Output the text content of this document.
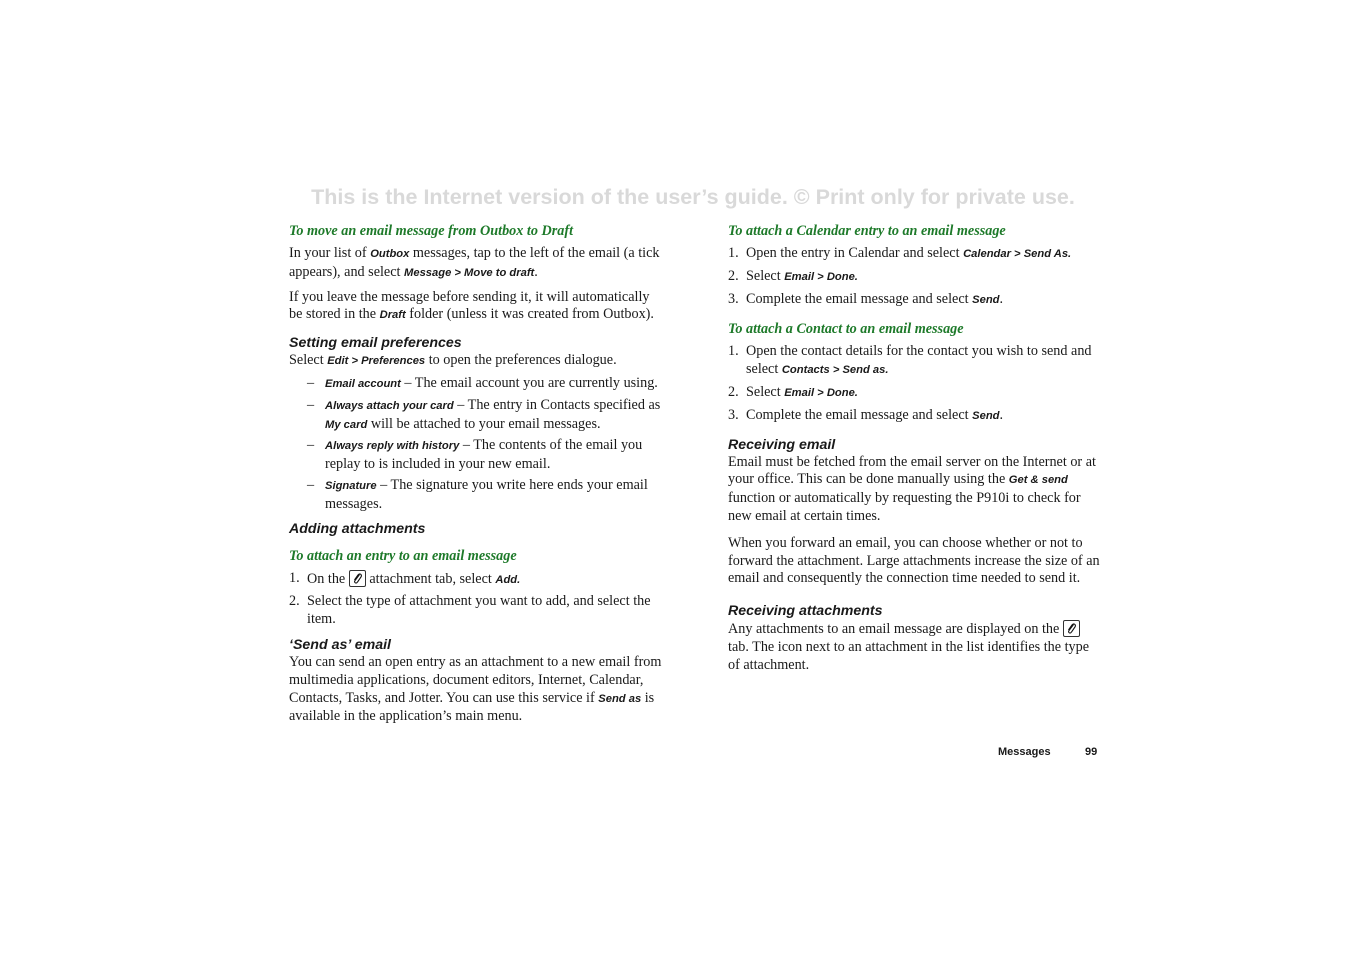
This is the Internet version of the user’s guide. © Print only for private use.

To move an email message from Outbox to Draft

In your list of Outbox messages, tap to the left of the email (a tick appears), and select Message > Move to draft.

If you leave the message before sending it, it will automatically be stored in the Draft folder (unless it was created from Outbox).

Setting email preferences

Select Edit > Preferences to open the preferences dialogue.

– Email account – The email account you are currently using.
– Always attach your card – The entry in Contacts specified as My card will be attached to your email messages.
– Always reply with history – The contents of the email you replay to is included in your new email.
– Signature – The signature you write here ends your email messages.

Adding attachments

To attach an entry to an email message

1. On the
attachment tab, select Add.
2. Select the type of attachment you want to add, and select the item.

‘Send as’ email

You can send an open entry as an attachment to a new email from multimedia applications, document editors, Internet, Calendar, Contacts, Tasks, and Jotter. You can use this service if Send as is available in the application’s main menu.

To attach a Calendar entry to an email message

1. Open the entry in Calendar and select Calendar > Send As.
2. Select Email > Done.
3. Complete the email message and select Send.

To attach a Contact to an email message

1. Open the contact details for the contact you wish to send and select Contacts > Send as.
2. Select Email > Done.
3. Complete the email message and select Send.

Receiving email

Email must be fetched from the email server on the Internet or at your office. This can be done manually using the Get & send function or automatically by requesting the P910i to check for new email at certain times.

When you forward an email, you can choose whether or not to forward the attachment. Large attachments increase the size of an email and consequently the connection time needed to send it.

Receiving attachments

Any attachments to an email message are displayed on the
tab. The icon next to an attachment in the list identifies the type of attachment.

Messages	99
